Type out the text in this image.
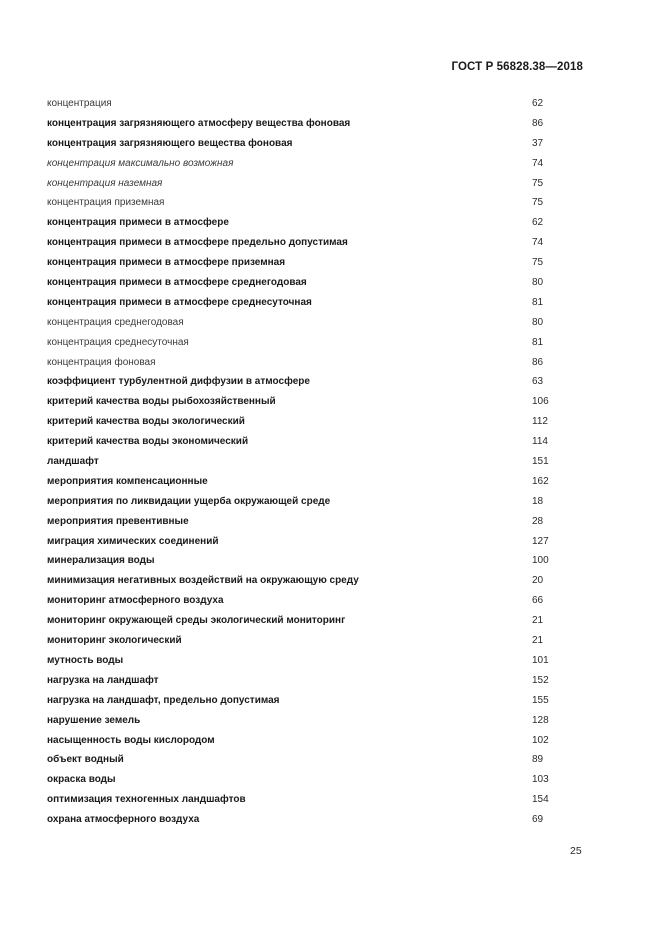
ГОСТ Р 56828.38—2018
концентрация	62
концентрация загрязняющего атмосферу вещества фоновая	86
концентрация загрязняющего вещества фоновая	37
концентрация максимально возможная	74
концентрация наземная	75
концентрация приземная	75
концентрация примеси в атмосфере	62
концентрация примеси в атмосфере предельно допустимая	74
концентрация примеси в атмосфере приземная	75
концентрация примеси в атмосфере среднегодовая	80
концентрация примеси в атмосфере среднесуточная	81
концентрация среднегодовая	80
концентрация среднесуточная	81
концентрация фоновая	86
коэффициент турбулентной диффузии в атмосфере	63
критерий качества воды рыбохозяйственный	106
критерий качества воды экологический	112
критерий качества воды экономический	114
ландшафт	151
мероприятия компенсационные	162
мероприятия по ликвидации ущерба окружающей среде	18
мероприятия превентивные	28
миграция химических соединений	127
минерализация воды	100
минимизация негативных воздействий на окружающую среду	20
мониторинг атмосферного воздуха	66
мониторинг окружающей среды экологический мониторинг	21
мониторинг экологический	21
мутность воды	101
нагрузка на ландшафт	152
нагрузка на ландшафт, предельно допустимая	155
нарушение земель	128
насыщенность воды кислородом	102
объект водный	89
окраска воды	103
оптимизация техногенных ландшафтов	154
охрана атмосферного воздуха	69
25
